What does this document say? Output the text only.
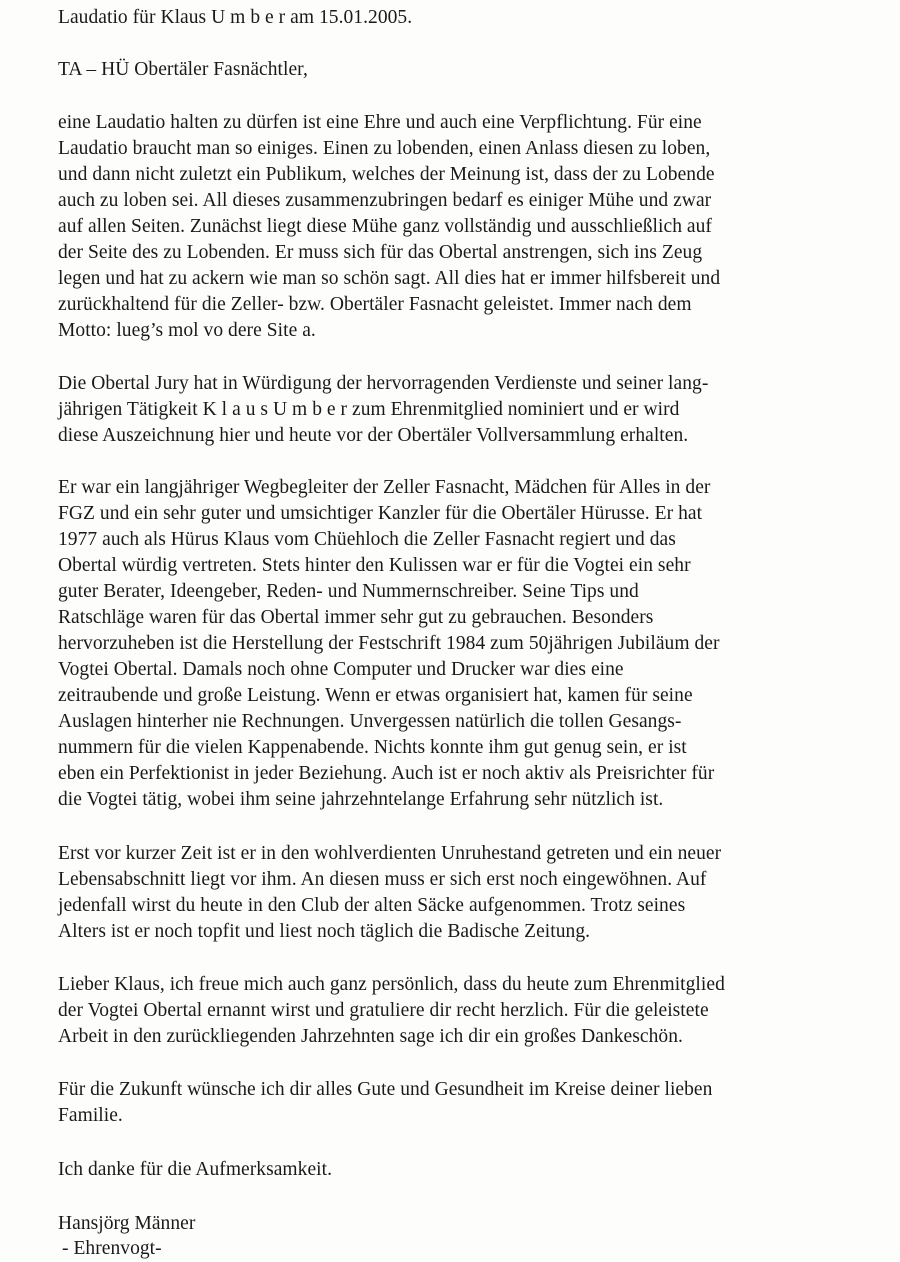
Laudatio für Klaus U m b e r am 15.01.2005.
TA – HÜ Obertäler Fasnächtler,
eine Laudatio halten zu dürfen ist eine Ehre und auch eine Verpflichtung. Für eine
Laudatio braucht man so einiges. Einen zu lobenden, einen Anlass diesen zu loben,
und dann nicht zuletzt ein Publikum, welches der Meinung ist, dass der zu Lobende
auch zu loben sei. All dieses zusammenzubringen bedarf es einiger Mühe und zwar
auf allen Seiten. Zunächst liegt diese Mühe ganz vollständig und ausschließlich auf
der Seite des zu Lobenden. Er muss sich für das Obertal anstrengen, sich ins Zeug
legen und hat zu ackern wie man so schön sagt. All dies hat er immer hilfsbereit und
zurückhaltend für die Zeller- bzw. Obertäler Fasnacht geleistet. Immer nach dem
Motto: lueg’s mol vo dere Site a.
Die Obertal Jury hat in Würdigung der hervorragenden Verdienste und seiner lang-
jährigen Tätigkeit K l a u s U m b e r zum Ehrenmitglied nominiert und er wird
diese Auszeichnung hier und heute vor der Obertäler Vollversammlung erhalten.
Er war ein langjähriger Wegbegleiter der Zeller Fasnacht, Mädchen für Alles in der
FGZ und ein sehr guter und umsichtiger Kanzler für die Obertäler Hürusse. Er hat
1977 auch als Hürus Klaus vom Chüehloch die Zeller Fasnacht regiert und das
Obertal würdig vertreten. Stets hinter den Kulissen war er für die Vogtei ein sehr
guter Berater, Ideengeber, Reden- und Nummernschreiber. Seine Tips und
Ratschläge waren für das Obertal immer sehr gut zu gebrauchen. Besonders
hervorzuheben ist die Herstellung der Festschrift 1984 zum 50jährigen Jubiläum der
Vogtei Obertal. Damals noch ohne Computer und Drucker war dies eine
zeitraubende und große Leistung. Wenn er etwas organisiert hat, kamen für seine
Auslagen hinterher nie Rechnungen. Unvergessen natürlich die tollen Gesangs-
nummern für die vielen Kappenabende. Nichts konnte ihm gut genug sein, er ist
eben ein Perfektionist in jeder Beziehung. Auch ist er noch aktiv als Preisrichter für
die Vogtei tätig, wobei ihm seine jahrzehntelange Erfahrung sehr nützlich ist.
Erst vor kurzer Zeit ist er in den wohlverdienten Unruhestand getreten und ein neuer
Lebensabschnitt liegt vor ihm. An diesen muss er sich erst noch eingewöhnen. Auf
jedenfall wirst du heute in den Club der alten Säcke aufgenommen. Trotz seines
Alters ist er noch topfit und liest noch täglich die Badische Zeitung.
Lieber Klaus, ich freue mich auch ganz persönlich, dass du heute zum Ehrenmitglied
der Vogtei Obertal ernannt wirst und gratuliere dir recht herzlich. Für die geleistete
Arbeit in den zurückliegenden Jahrzehnten sage ich dir ein großes Dankeschön.
Für die Zukunft wünsche ich dir alles Gute und Gesundheit im Kreise deiner lieben
Familie.
Ich danke für die Aufmerksamkeit.
Hansjörg Männer
- Ehrenvogt-
